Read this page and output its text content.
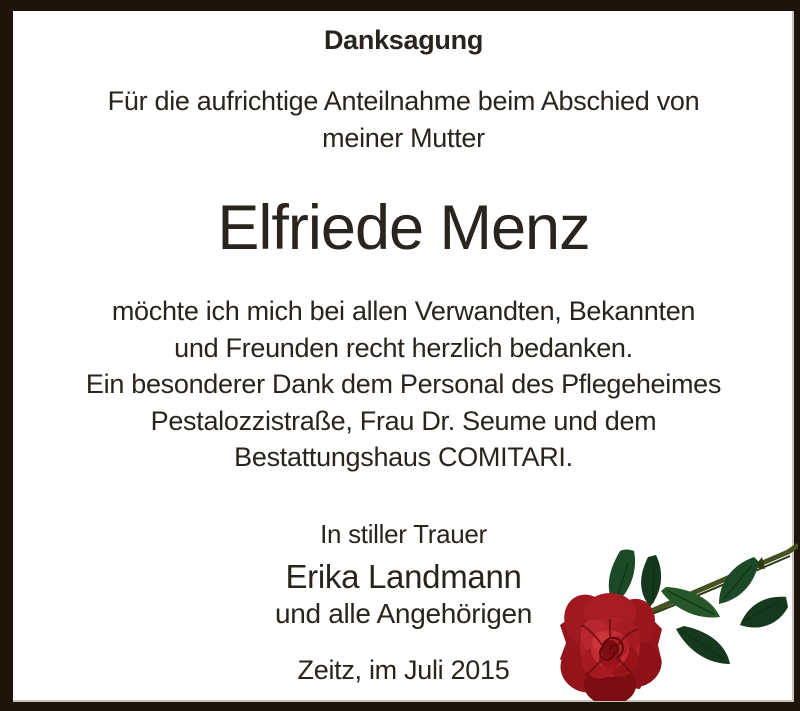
Danksagung
Für die aufrichtige Anteilnahme beim Abschied von
meiner Mutter
Elfriede Menz
möchte ich mich bei allen Verwandten, Bekannten
und Freunden recht herzlich bedanken.
Ein besonderer Dank dem Personal des Pflegeheimes
Pestalozzistraße, Frau Dr. Seume und dem
Bestattungshaus COMITARI.
In stiller Trauer
Erika Landmann
und alle Angehörigen
Zeitz, im Juli 2015
